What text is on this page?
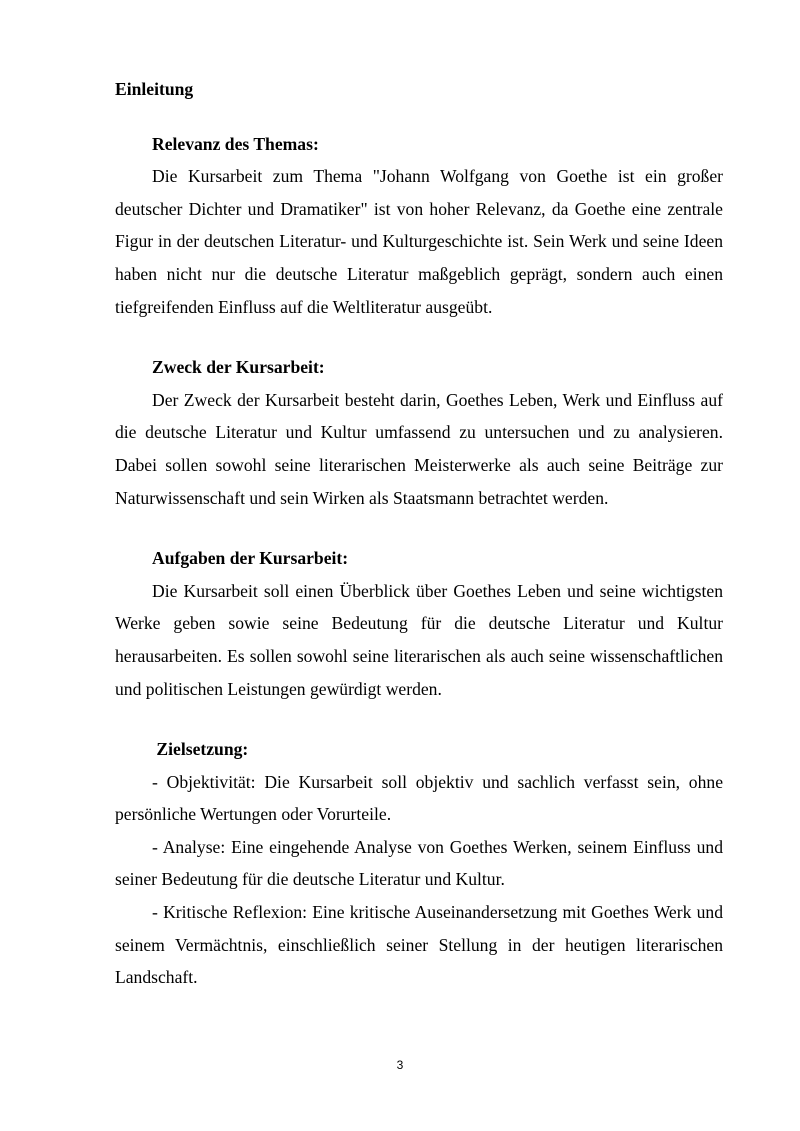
Einleitung

Relevanz des Themas:

Die Kursarbeit zum Thema "Johann Wolfgang von Goethe ist ein großer deutscher Dichter und Dramatiker" ist von hoher Relevanz, da Goethe eine zentrale Figur in der deutschen Literatur- und Kulturgeschichte ist. Sein Werk und seine Ideen haben nicht nur die deutsche Literatur maßgeblich geprägt, sondern auch einen tiefgreifenden Einfluss auf die Weltliteratur ausgeübt.

Zweck der Kursarbeit:

Der Zweck der Kursarbeit besteht darin, Goethes Leben, Werk und Einfluss auf die deutsche Literatur und Kultur umfassend zu untersuchen und zu analysieren. Dabei sollen sowohl seine literarischen Meisterwerke als auch seine Beiträge zur Naturwissenschaft und sein Wirken als Staatsmann betrachtet werden.

Aufgaben der Kursarbeit:

Die Kursarbeit soll einen Überblick über Goethes Leben und seine wichtigsten Werke geben sowie seine Bedeutung für die deutsche Literatur und Kultur herausarbeiten. Es sollen sowohl seine literarischen als auch seine wissenschaftlichen und politischen Leistungen gewürdigt werden.

Zielsetzung:

- Objektivität: Die Kursarbeit soll objektiv und sachlich verfasst sein, ohne persönliche Wertungen oder Vorurteile.

- Analyse: Eine eingehende Analyse von Goethes Werken, seinem Einfluss und seiner Bedeutung für die deutsche Literatur und Kultur.

- Kritische Reflexion: Eine kritische Auseinandersetzung mit Goethes Werk und seinem Vermächtnis, einschließlich seiner Stellung in der heutigen literarischen Landschaft.

3
